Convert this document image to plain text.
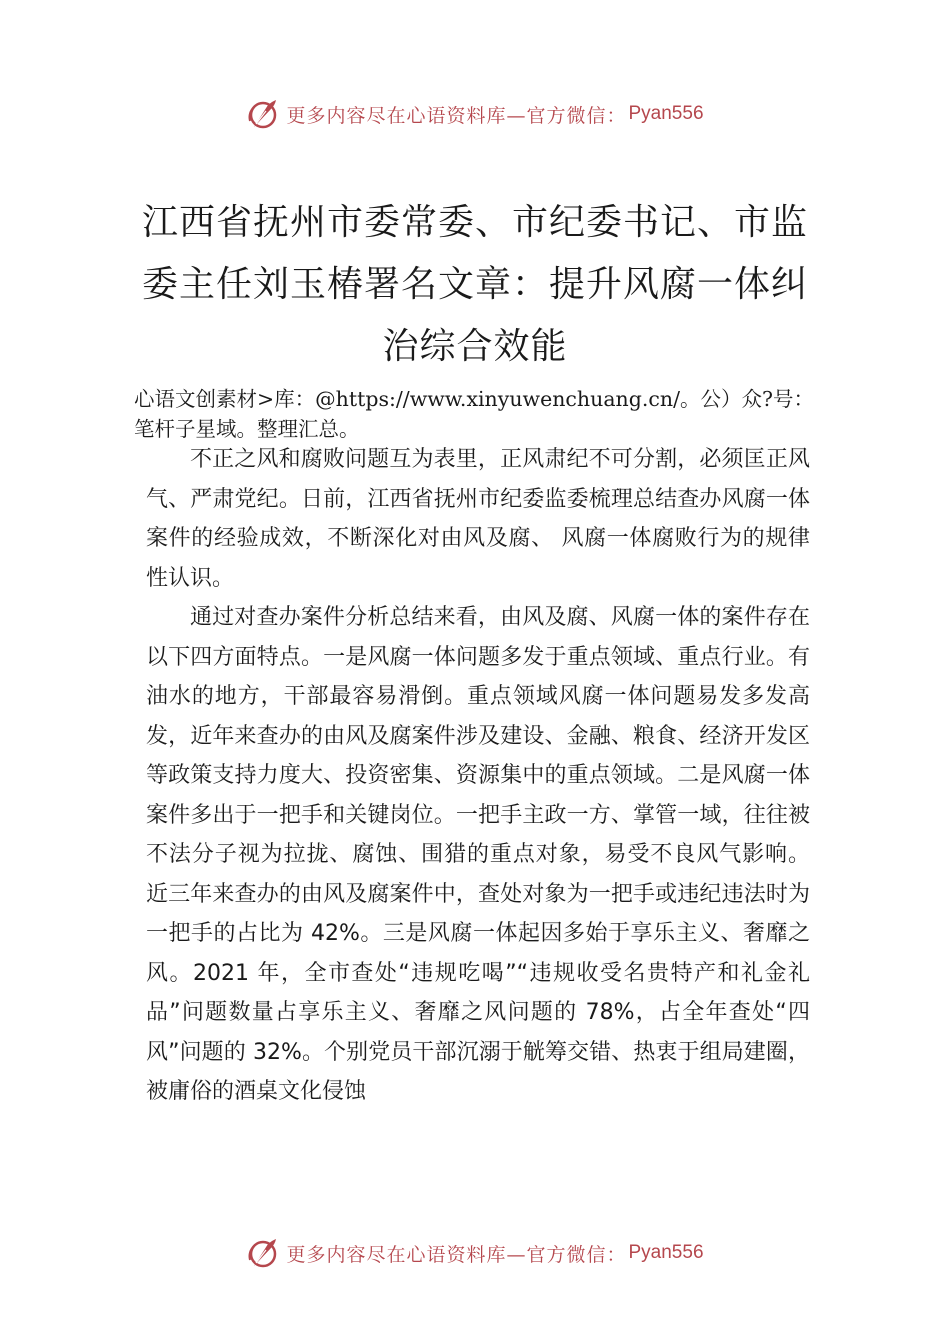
更多内容尽在心语资料库—官方微信： Pyan556
江西省抚州市委常委、市纪委书记、市监委主任刘玉椿署名文章：提升风腐一体纠治综合效能

心语文创素材>库：@https://www.xinyuwenchuang.cn/。公）众?号：笔杆子星域。整理汇总。

不正之风和腐败问题互为表里，正风肃纪不可分割，必须匡正风气、严肃党纪。日前，江西省抚州市纪委监委梳理总结查办风腐一体案件的经验成效，不断深化对由风及腐、 风腐一体腐败行为的规律性认识。

通过对查办案件分析总结来看，由风及腐、风腐一体的案件存在以下四方面特点。一是风腐一体问题多发于重点领域、重点行业。有油水的地方，干部最容易滑倒。重点领域风腐一体问题易发多发高发，近年来查办的由风及腐案件涉及建设、金融、粮食、经济开发区等政策支持力度大、投资密集、资源集中的重点领域。二是风腐一体案件多出于一把手和关键岗位。一把手主政一方、掌管一域，往往被不法分子视为拉拢、腐蚀、围猎的重点对象，易受不良风气影响。 近三年来查办的由风及腐案件中，查处对象为一把手或违纪违法时为一把手的占比为 42%。三是风腐一体起因多始于享乐主义、奢靡之风。2021 年，全市查处“违规吃喝”“违规收受名贵特产和礼金礼品”问题数量占享乐主义、奢靡之风问题的 78%，占全年查处“四风”问题的 32%。个别党员干部沉溺于觥筹交错、热衷于组局建圈，被庸俗的酒桌文化侵蚀

更多内容尽在心语资料库—官方微信： Pyan556
